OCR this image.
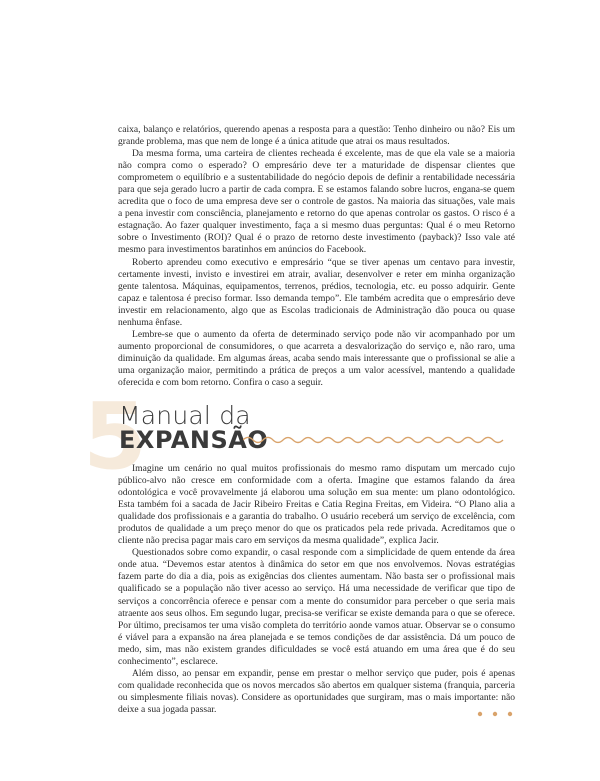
caixa, balanço e relatórios, querendo apenas a resposta para a questão: Tenho dinheiro ou não? Eis um grande problema, mas que nem de longe é a única atitude que atrai os maus resultados.

Da mesma forma, uma carteira de clientes recheada é excelente, mas de que ela vale se a maioria não compra como o esperado? O empresário deve ter a maturidade de dispensar clientes que comprometem o equilíbrio e a sustentabilidade do negócio depois de definir a rentabilidade necessária para que seja gerado lucro a partir de cada compra. E se estamos falando sobre lucros, engana-se quem acredita que o foco de uma empresa deve ser o controle de gastos. Na maioria das situações, vale mais a pena investir com consciência, planejamento e retorno do que apenas controlar os gastos. O risco é a estagnação. Ao fazer qualquer investimento, faça a si mesmo duas perguntas: Qual é o meu Retorno sobre o Investimento (ROI)? Qual é o prazo de retorno deste investimento (payback)? Isso vale até mesmo para investimentos baratinhos em anúncios do Facebook.

Roberto aprendeu como executivo e empresário “que se tiver apenas um centavo para investir, certamente investi, invisto e investirei em atrair, avaliar, desenvolver e reter em minha organização gente talentosa. Máquinas, equipamentos, terrenos, prédios, tecnologia, etc. eu posso adquirir. Gente capaz e talentosa é preciso formar. Isso demanda tempo”. Ele também acredita que o empresário deve investir em relacionamento, algo que as Escolas tradicionais de Administração dão pouca ou quase nenhuma ênfase.

Lembre-se que o aumento da oferta de determinado serviço pode não vir acompanhado por um aumento proporcional de consumidores, o que acarreta a desvalorização do serviço e, não raro, uma diminuição da qualidade. Em algumas áreas, acaba sendo mais interessante que o profissional se alie a uma organização maior, permitindo a prática de preços a um valor acessível, mantendo a qualidade oferecida e com bom retorno. Confira o caso a seguir.

5
Manual da
EXPANSÃO

Imagine um cenário no qual muitos profissionais do mesmo ramo disputam um mercado cujo público-alvo não cresce em conformidade com a oferta. Imagine que estamos falando da área odontológica e você provavelmente já elaborou uma solução em sua mente: um plano odontológico. Esta também foi a sacada de Jacir Ribeiro Freitas e Catia Regina Freitas, em Videira. “O Plano alia a qualidade dos profissionais e a garantia do trabalho. O usuário receberá um serviço de excelência, com produtos de qualidade a um preço menor do que os praticados pela rede privada. Acreditamos que o cliente não precisa pagar mais caro em serviços da mesma qualidade”, explica Jacir.

Questionados sobre como expandir, o casal responde com a simplicidade de quem entende da área onde atua. “Devemos estar atentos à dinâmica do setor em que nos envolvemos. Novas estratégias fazem parte do dia a dia, pois as exigências dos clientes aumentam. Não basta ser o profissional mais qualificado se a população não tiver acesso ao serviço. Há uma necessidade de verificar que tipo de serviços a concorrência oferece e pensar com a mente do consumidor para perceber o que seria mais atraente aos seus olhos. Em segundo lugar, precisa-se verificar se existe demanda para o que se oferece. Por último, precisamos ter uma visão completa do território aonde vamos atuar. Observar se o consumo é viável para a expansão na área planejada e se temos condições de dar assistência. Dá um pouco de medo, sim, mas não existem grandes dificuldades se você está atuando em uma área que é do seu conhecimento”, esclarece.

Além disso, ao pensar em expandir, pense em prestar o melhor serviço que puder, pois é apenas com qualidade reconhecida que os novos mercados são abertos em qualquer sistema (franquia, parceria ou simplesmente filiais novas). Considere as oportunidades que surgiram, mas o mais importante: não deixe a sua jogada passar.
